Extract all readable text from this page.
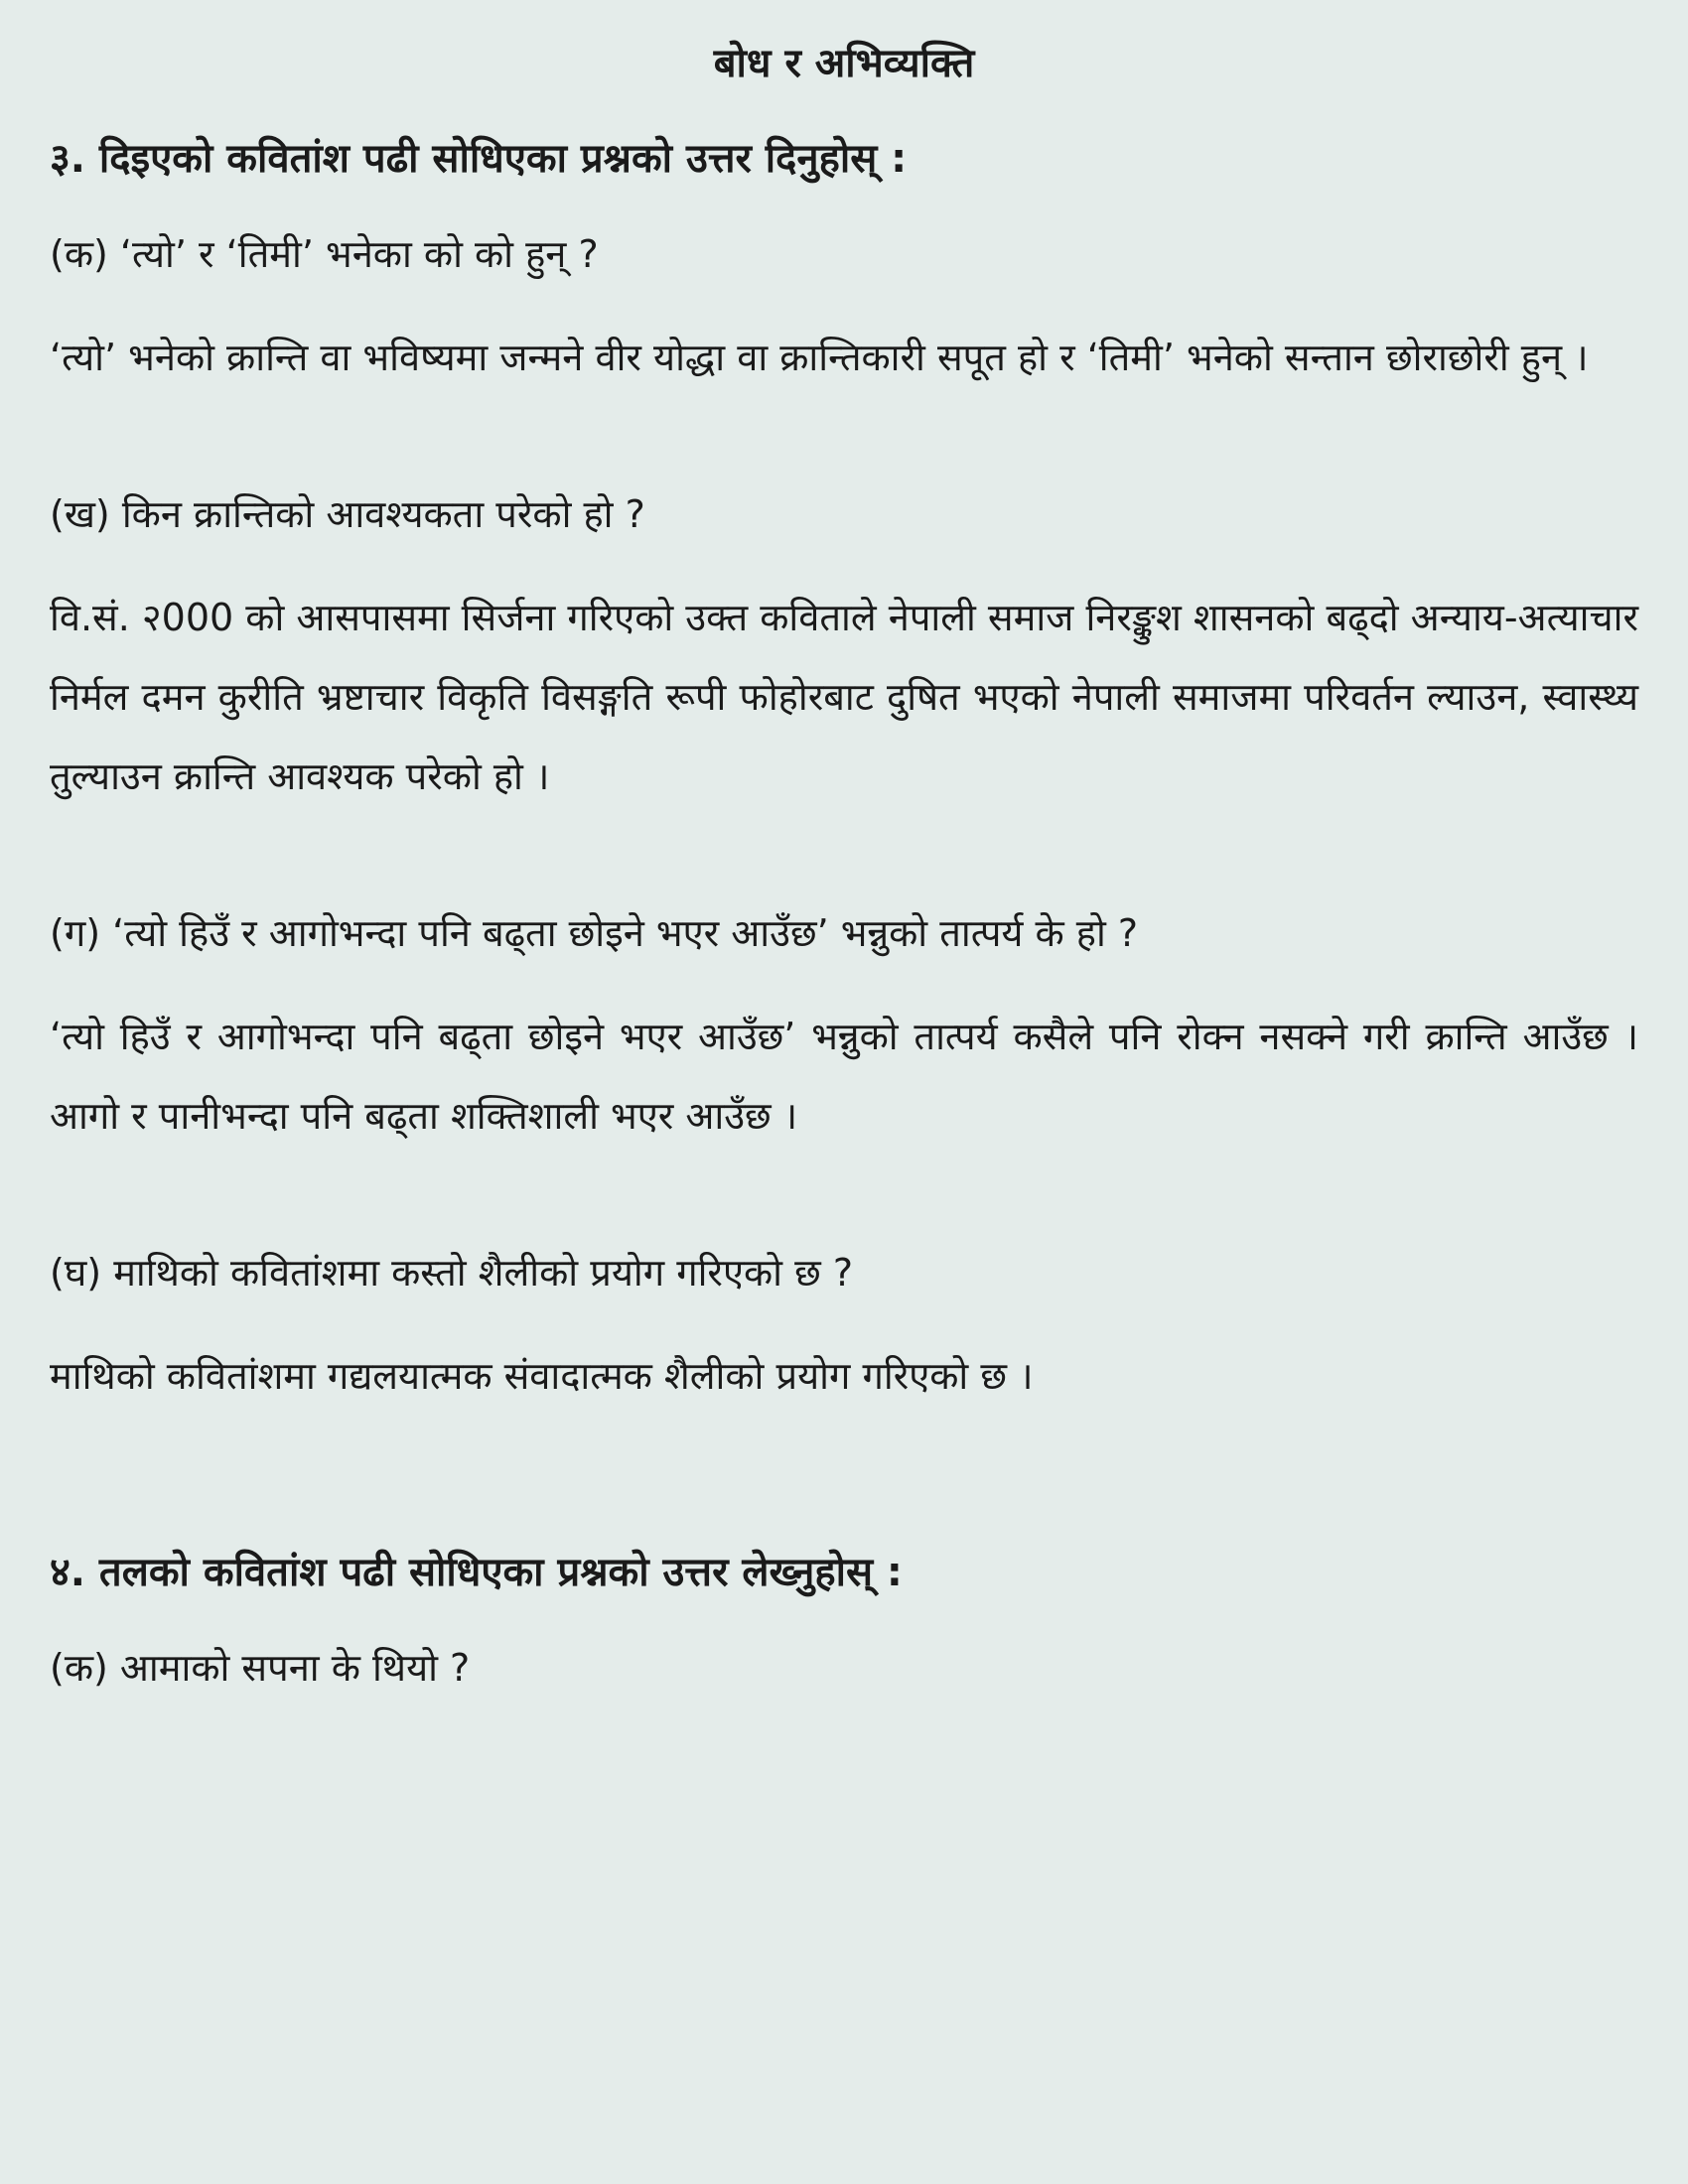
बोध र अभिव्यक्ति
३. दिइएको कवितांश पढी सोधिएका प्रश्नको उत्तर दिनुहोस् :
(क) ‘त्यो’ र ‘तिमी’ भनेका को को हुन् ?
‘त्यो’ भनेको क्रान्ति वा भविष्यमा जन्मने वीर योद्धा वा क्रान्तिकारी सपूत हो र ‘तिमी’ भनेको सन्तान छोराछोरी हुन् ।
(ख) किन क्रान्तिको आवश्यकता परेको हो ?
वि.सं. २000 को आसपासमा सिर्जना गरिएको उक्त कविताले नेपाली समाज निरङ्कुश शासनको बढ्दो अन्याय-अत्याचार निर्मल दमन कुरीति भ्रष्टाचार विकृति विसङ्गति रूपी फोहोरबाट दुषित भएको नेपाली समाजमा परिवर्तन ल्याउन, स्वास्थ्य तुल्याउन क्रान्ति आवश्यक परेको हो ।
(ग) ‘त्यो हिउँ र आगोभन्दा पनि बढ्ता छोइने भएर आउँछ’ भन्नुको तात्पर्य के हो ?
‘त्यो हिउँ र आगोभन्दा पनि बढ्ता छोइने भएर आउँछ’ भन्नुको तात्पर्य कसैले पनि रोक्न नसक्ने गरी क्रान्ति आउँछ । आगो र पानीभन्दा पनि बढ्ता शक्तिशाली भएर आउँछ ।
(घ) माथिको कवितांशमा कस्तो शैलीको प्रयोग गरिएको छ ?
माथिको कवितांशमा गद्यलयात्मक संवादात्मक शैलीको प्रयोग गरिएको छ ।
४. तलको कवितांश पढी सोधिएका प्रश्नको उत्तर लेख्नुहोस् :
(क) आमाको सपना के थियो ?
